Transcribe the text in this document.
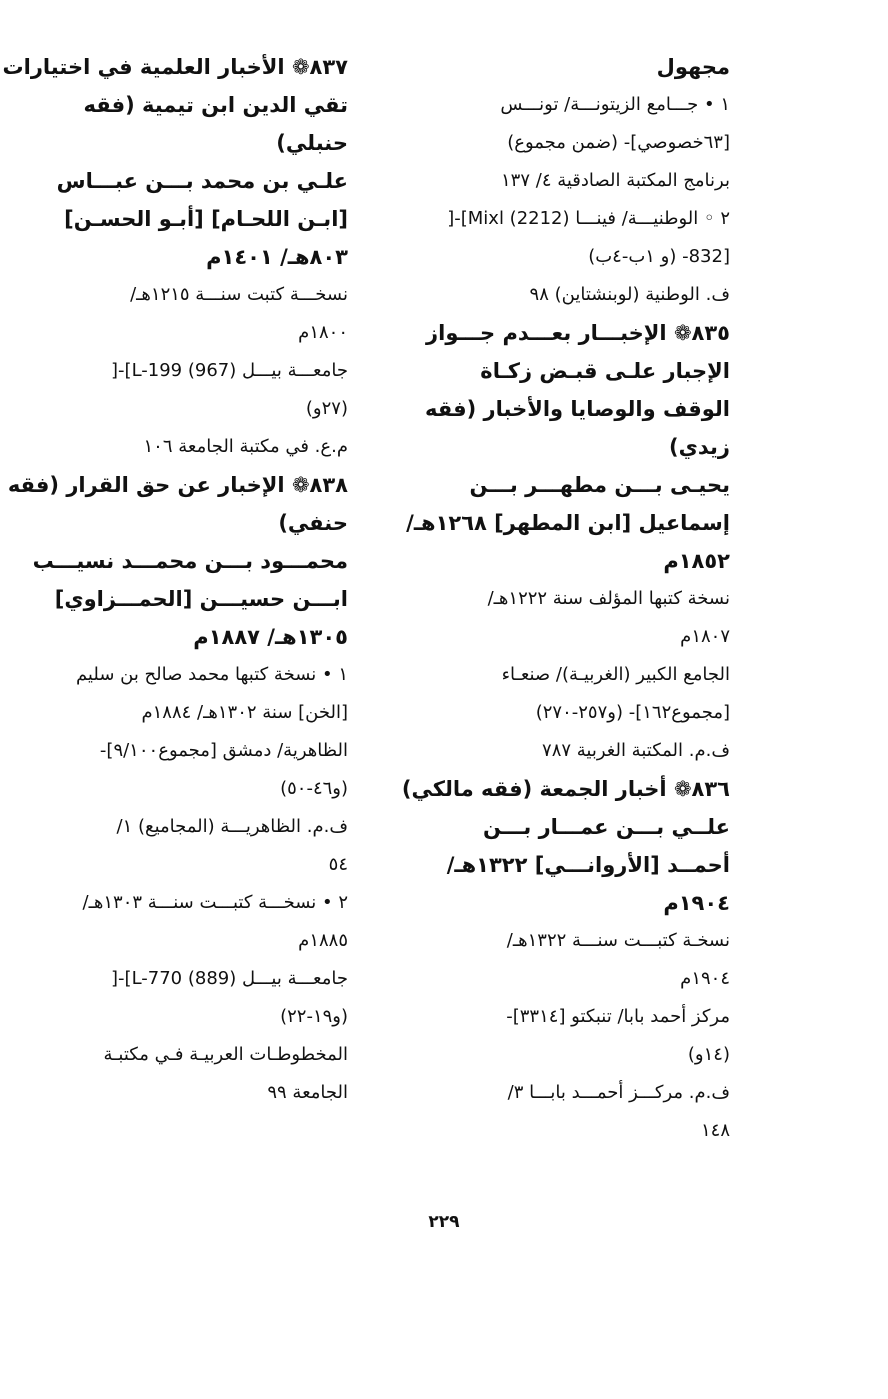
مجهول
١ • جـــامع الزيتونـــة/ تونـــس
[٦٣خصوصي]- (ضمن مجموع)
برنامج المكتبة الصادقية ٤/ ١٣٧
٢ ◦ الوطنيـــة/ فينـــا Mixl (2212)]-[
[832- (و ١ب-٤ب)
ف. الوطنية (لوبنشتاين) ٩٨
٨٣٥❁ الإخبـــار بعـــدم جـــواز
الإجبار علـى قبـض زكـاة
الوقف والوصايا والأخبار (فقه
زيدي)
يحيـى بـــن مطهـــر بـــن
إسماعيل [ابن المطهر] ١٢٦٨هـ/
١٨٥٢م
نسخة كتبها المؤلف سنة ١٢٢٢هـ/
١٨٠٧م
الجامع الكبير (الغربيـة)/ صنعـاء
[مجموع١٦٢]- (و٢٥٧-٢٧٠)
ف.م. المكتبة الغربية ٧٨٧
٨٣٦❁ أخبار الجمعة (فقه مالكي)
علــي بـــن عمـــار بـــن
أحمــد [الأروانـــي] ١٣٢٢هـ/
١٩٠٤م
نسخـة كتبـــت سنـــة ١٣٢٢هـ/
١٩٠٤م
مركز أحمد بابا/ تنبكتو [٣٣١٤]-
(١٤و)
ف.م. مركـــز أحمـــد بابـــا ٣/
١٤٨
٨٣٧❁ الأخبار العلمية في اختيارات
تقي الدين ابن تيمية (فقه
حنبلي)
علـي بن محمد بـــن عبـــاس
[ابـن اللحـام] [أبـو الحسـن]
٨٠٣هـ/ ١٤٠١م
نسخـــة كتبت سنـــة ١٢١٥هـ/
١٨٠٠م
جامعـــة بيـــل L-199 (967)]-[
(٢٧و)
م.ع. في مكتبة الجامعة ١٠٦
٨٣٨❁ الإخبار عن حق القرار (فقه
حنفي)
محمـــود بـــن محمـــد نسيـــب
ابـــن حسيـــن [الحمـــزاوي]
١٣٠٥هـ/ ١٨٨٧م
١ • نسخة كتبها محمد صالح بن سليم
[الخن] سنة ١٣٠٢هـ/ ١٨٨٤م
الظاهرية/ دمشق [مجموع٩/١٠٠]-
(و٤٦-٥٠)
ف.م. الظاهريـــة (المجاميع) ١/
٥٤
٢ • نسخـــة كتبـــت سنـــة ١٣٠٣هـ/
١٨٨٥م
جامعـــة بيـــل L-770 (889)]-[
(و١٩-٢٢)
المخطوطـات العربيـة فـي مكتبـة
الجامعة ٩٩
٢٢٩
